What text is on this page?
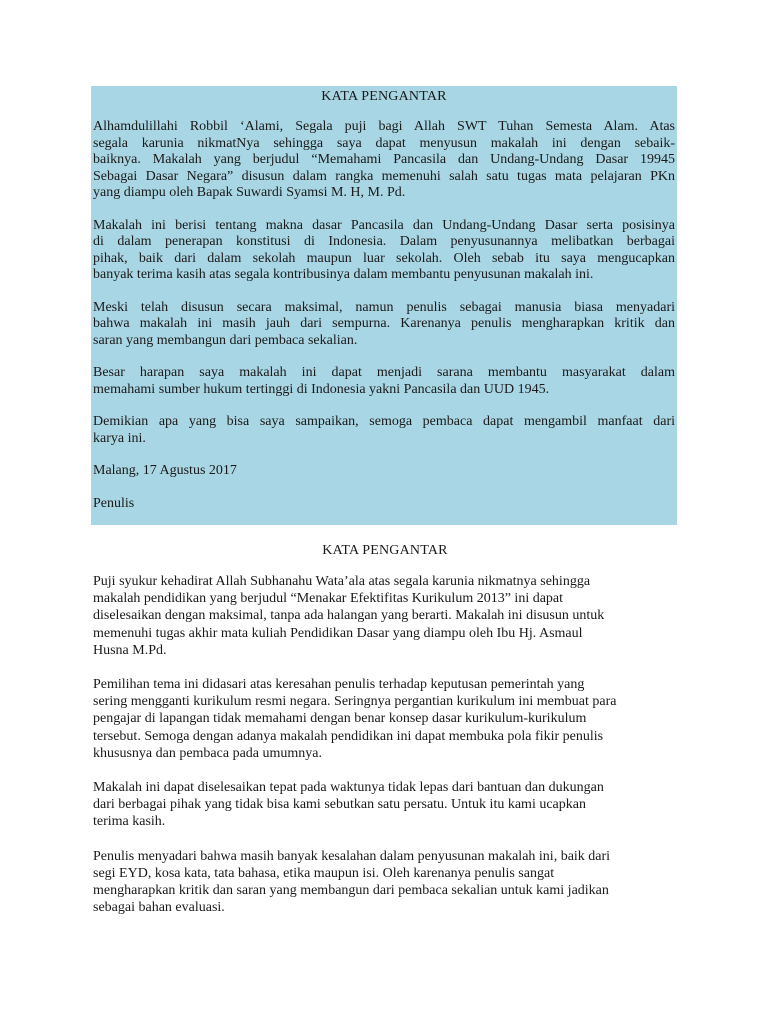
KATA PENGANTAR

Alhamdulillahi Robbil ‘Alami, Segala puji bagi Allah SWT Tuhan Semesta Alam. Atas
segala karunia nikmatNya sehingga saya dapat menyusun makalah ini dengan sebaik-
baiknya. Makalah yang berjudul “Memahami Pancasila dan Undang-Undang Dasar 19945
Sebagai Dasar Negara” disusun dalam rangka memenuhi salah satu tugas mata pelajaran PKn
yang diampu oleh Bapak Suwardi Syamsi M. H, M. Pd.

Makalah ini berisi tentang makna dasar Pancasila dan Undang-Undang Dasar serta posisinya
di dalam penerapan konstitusi di Indonesia. Dalam penyusunannya melibatkan berbagai
pihak, baik dari dalam sekolah maupun luar sekolah. Oleh sebab itu saya mengucapkan
banyak terima kasih atas segala kontribusinya dalam membantu penyusunan makalah ini.

Meski telah disusun secara maksimal, namun penulis sebagai manusia biasa menyadari
bahwa makalah ini masih jauh dari sempurna. Karenanya penulis mengharapkan kritik dan
saran yang membangun dari pembaca sekalian.

Besar harapan saya makalah ini dapat menjadi sarana membantu masyarakat dalam
memahami sumber hukum tertinggi di Indonesia yakni Pancasila dan UUD 1945.

Demikian apa yang bisa saya sampaikan, semoga pembaca dapat mengambil manfaat dari
karya ini.

Malang, 17 Agustus 2017

Penulis

KATA PENGANTAR

Puji syukur kehadirat Allah Subhanahu Wata’ala atas segala karunia nikmatnya sehingga
makalah pendidikan yang berjudul “Menakar Efektifitas Kurikulum 2013” ini dapat
diselesaikan dengan maksimal, tanpa ada halangan yang berarti. Makalah ini disusun untuk
memenuhi tugas akhir mata kuliah Pendidikan Dasar yang diampu oleh Ibu Hj. Asmaul
Husna M.Pd.

Pemilihan tema ini didasari atas keresahan penulis terhadap keputusan pemerintah yang
sering mengganti kurikulum resmi negara. Seringnya pergantian kurikulum ini membuat para
pengajar di lapangan tidak memahami dengan benar konsep dasar kurikulum-kurikulum
tersebut. Semoga dengan adanya makalah pendidikan ini dapat membuka pola fikir penulis
khususnya dan pembaca pada umumnya.

Makalah ini dapat diselesaikan tepat pada waktunya tidak lepas dari bantuan dan dukungan
dari berbagai pihak yang tidak bisa kami sebutkan satu persatu. Untuk itu kami ucapkan
terima kasih.

Penulis menyadari bahwa masih banyak kesalahan dalam penyusunan makalah ini, baik dari
segi EYD, kosa kata, tata bahasa, etika maupun isi. Oleh karenanya penulis sangat
mengharapkan kritik dan saran yang membangun dari pembaca sekalian untuk kami jadikan
sebagai bahan evaluasi.
